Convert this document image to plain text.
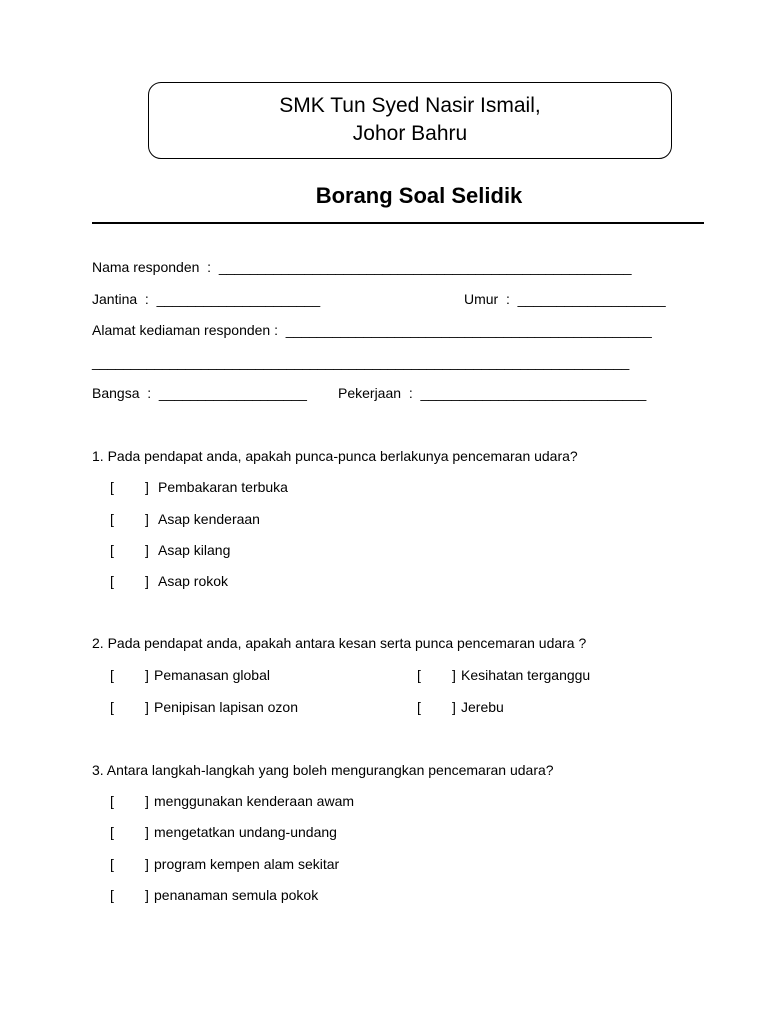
SMK Tun Syed Nasir Ismail,
Johor Bahru
Borang Soal Selidik
Nama responden  :  _____________________________________________________
Jantina  :  _____________________	Umur  :  ___________________
Alamat kediaman responden :  _______________________________________________
_____________________________________________________________________
Bangsa  :  ___________________ Pekerjaan  :  _____________________________
1. Pada pendapat anda, apakah punca-punca berlakunya pencemaran udara?
[        ] Pembakaran terbuka
[        ] Asap kenderaan
[        ] Asap kilang
[        ] Asap rokok
2. Pada pendapat anda, apakah antara kesan serta punca pencemaran udara ?
[        ] Pemanasan global	[        ] Kesihatan terganggu
[        ] Penipisan lapisan ozon	[        ] Jerebu
3. Antara langkah-langkah yang boleh mengurangkan pencemaran udara?
[        ] menggunakan kenderaan awam
[        ] mengetatkan undang-undang
[        ] program kempen alam sekitar
[        ] penanaman semula pokok
